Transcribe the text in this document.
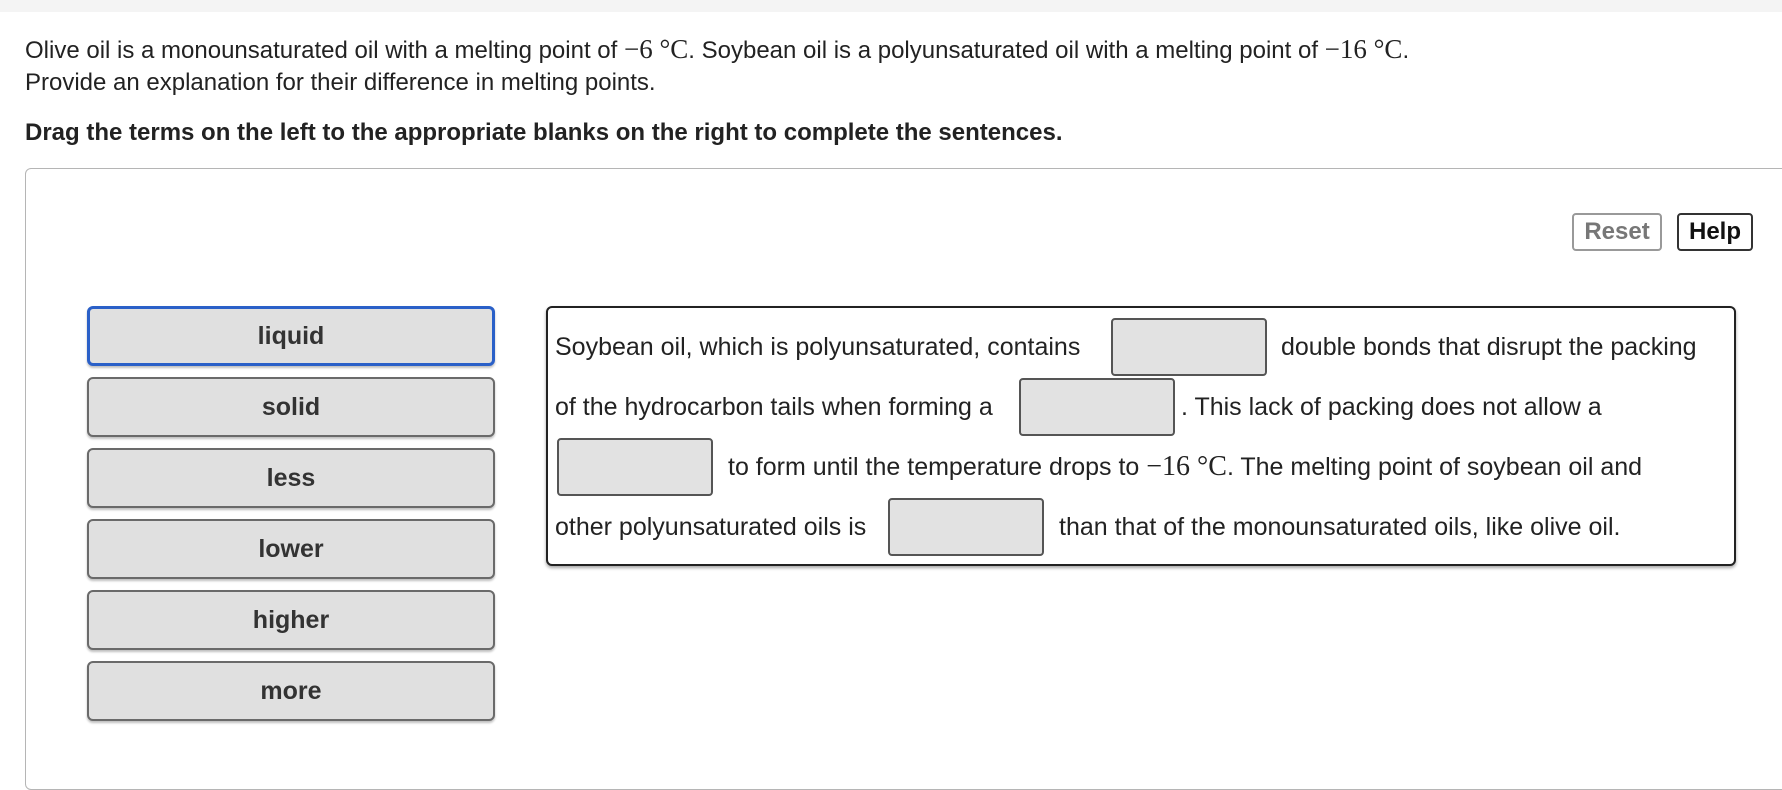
Olive oil is a monounsaturated oil with a melting point of −6 °C. Soybean oil is a polyunsaturated oil with a melting point of −16 °C.
Provide an explanation for their difference in melting points.
Drag the terms on the left to the appropriate blanks on the right to complete the sentences.
Reset	Help
liquid
solid
less
lower
higher
more
Soybean oil, which is polyunsaturated, contains	double bonds that disrupt the packing
of the hydrocarbon tails when forming a	. This lack of packing does not allow a
to form until the temperature drops to −16 °C. The melting point of soybean oil and
other polyunsaturated oils is	than that of the monounsaturated oils, like olive oil.
